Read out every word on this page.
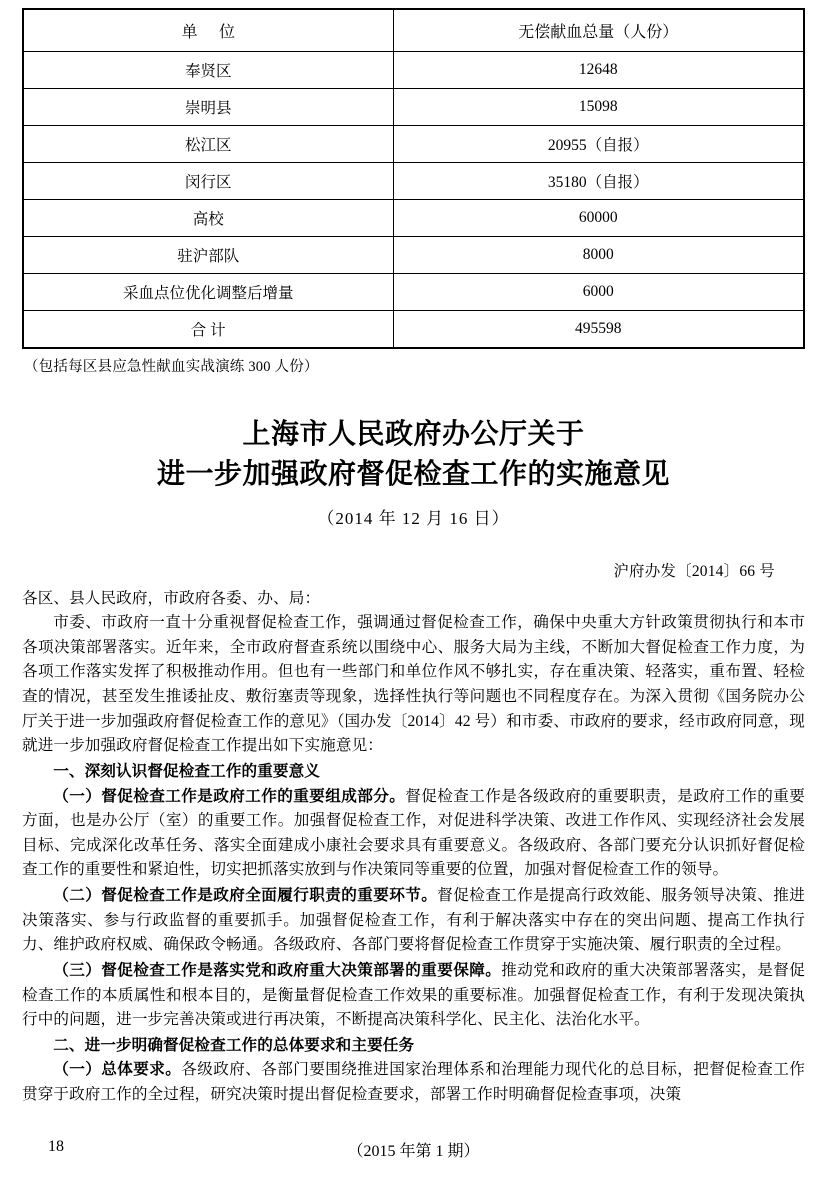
单 位	无偿献血总量（人份）
奉贤区	12648
崇明县	15098
松江区	20955（自报）
闵行区	35180（自报）
高校	60000
驻沪部队	8000
采血点位优化调整后增量	6000
合 计	495598
（包括每区县应急性献血实战演练 300 人份）
上海市人民政府办公厅关于
进一步加强政府督促检查工作的实施意见
（2014 年 12 月 16 日）
沪府办发〔2014〕66 号

各区、县人民政府，市政府各委、办、局：

市委、市政府一直十分重视督促检查工作，强调通过督促检查工作，确保中央重大方针政策贯彻执行和本市各项决策部署落实。近年来，全市政府督查系统以围绕中心、服务大局为主线，不断加大督促检查工作力度，为各项工作落实发挥了积极推动作用。但也有一些部门和单位作风不够扎实，存在重决策、轻落实，重布置、轻检查的情况，甚至发生推诿扯皮、敷衍塞责等现象，选择性执行等问题也不同程度存在。为深入贯彻《国务院办公厅关于进一步加强政府督促检查工作的意见》（国办发〔2014〕42 号）和市委、市政府的要求，经市政府同意，现就进一步加强政府督促检查工作提出如下实施意见：

一、深刻认识督促检查工作的重要意义

（一）督促检查工作是政府工作的重要组成部分。督促检查工作是各级政府的重要职责，是政府工作的重要方面，也是办公厅（室）的重要工作。加强督促检查工作，对促进科学决策、改进工作作风、实现经济社会发展目标、完成深化改革任务、落实全面建成小康社会要求具有重要意义。各级政府、各部门要充分认识抓好督促检查工作的重要性和紧迫性，切实把抓落实放到与作决策同等重要的位置，加强对督促检查工作的领导。

（二）督促检查工作是政府全面履行职责的重要环节。督促检查工作是提高行政效能、服务领导决策、推进决策落实、参与行政监督的重要抓手。加强督促检查工作，有利于解决落实中存在的突出问题、提高工作执行力、维护政府权威、确保政令畅通。各级政府、各部门要将督促检查工作贯穿于实施决策、履行职责的全过程。

（三）督促检查工作是落实党和政府重大决策部署的重要保障。推动党和政府的重大决策部署落实，是督促检查工作的本质属性和根本目的，是衡量督促检查工作效果的重要标准。加强督促检查工作，有利于发现决策执行中的问题，进一步完善决策或进行再决策，不断提高决策科学化、民主化、法治化水平。

二、进一步明确督促检查工作的总体要求和主要任务

（一）总体要求。各级政府、各部门要围绕推进国家治理体系和治理能力现代化的总目标，把督促检查工作贯穿于政府工作的全过程，研究决策时提出督促检查要求，部署工作时明确督促检查事项，决策

18	（2015 年第 1 期）
